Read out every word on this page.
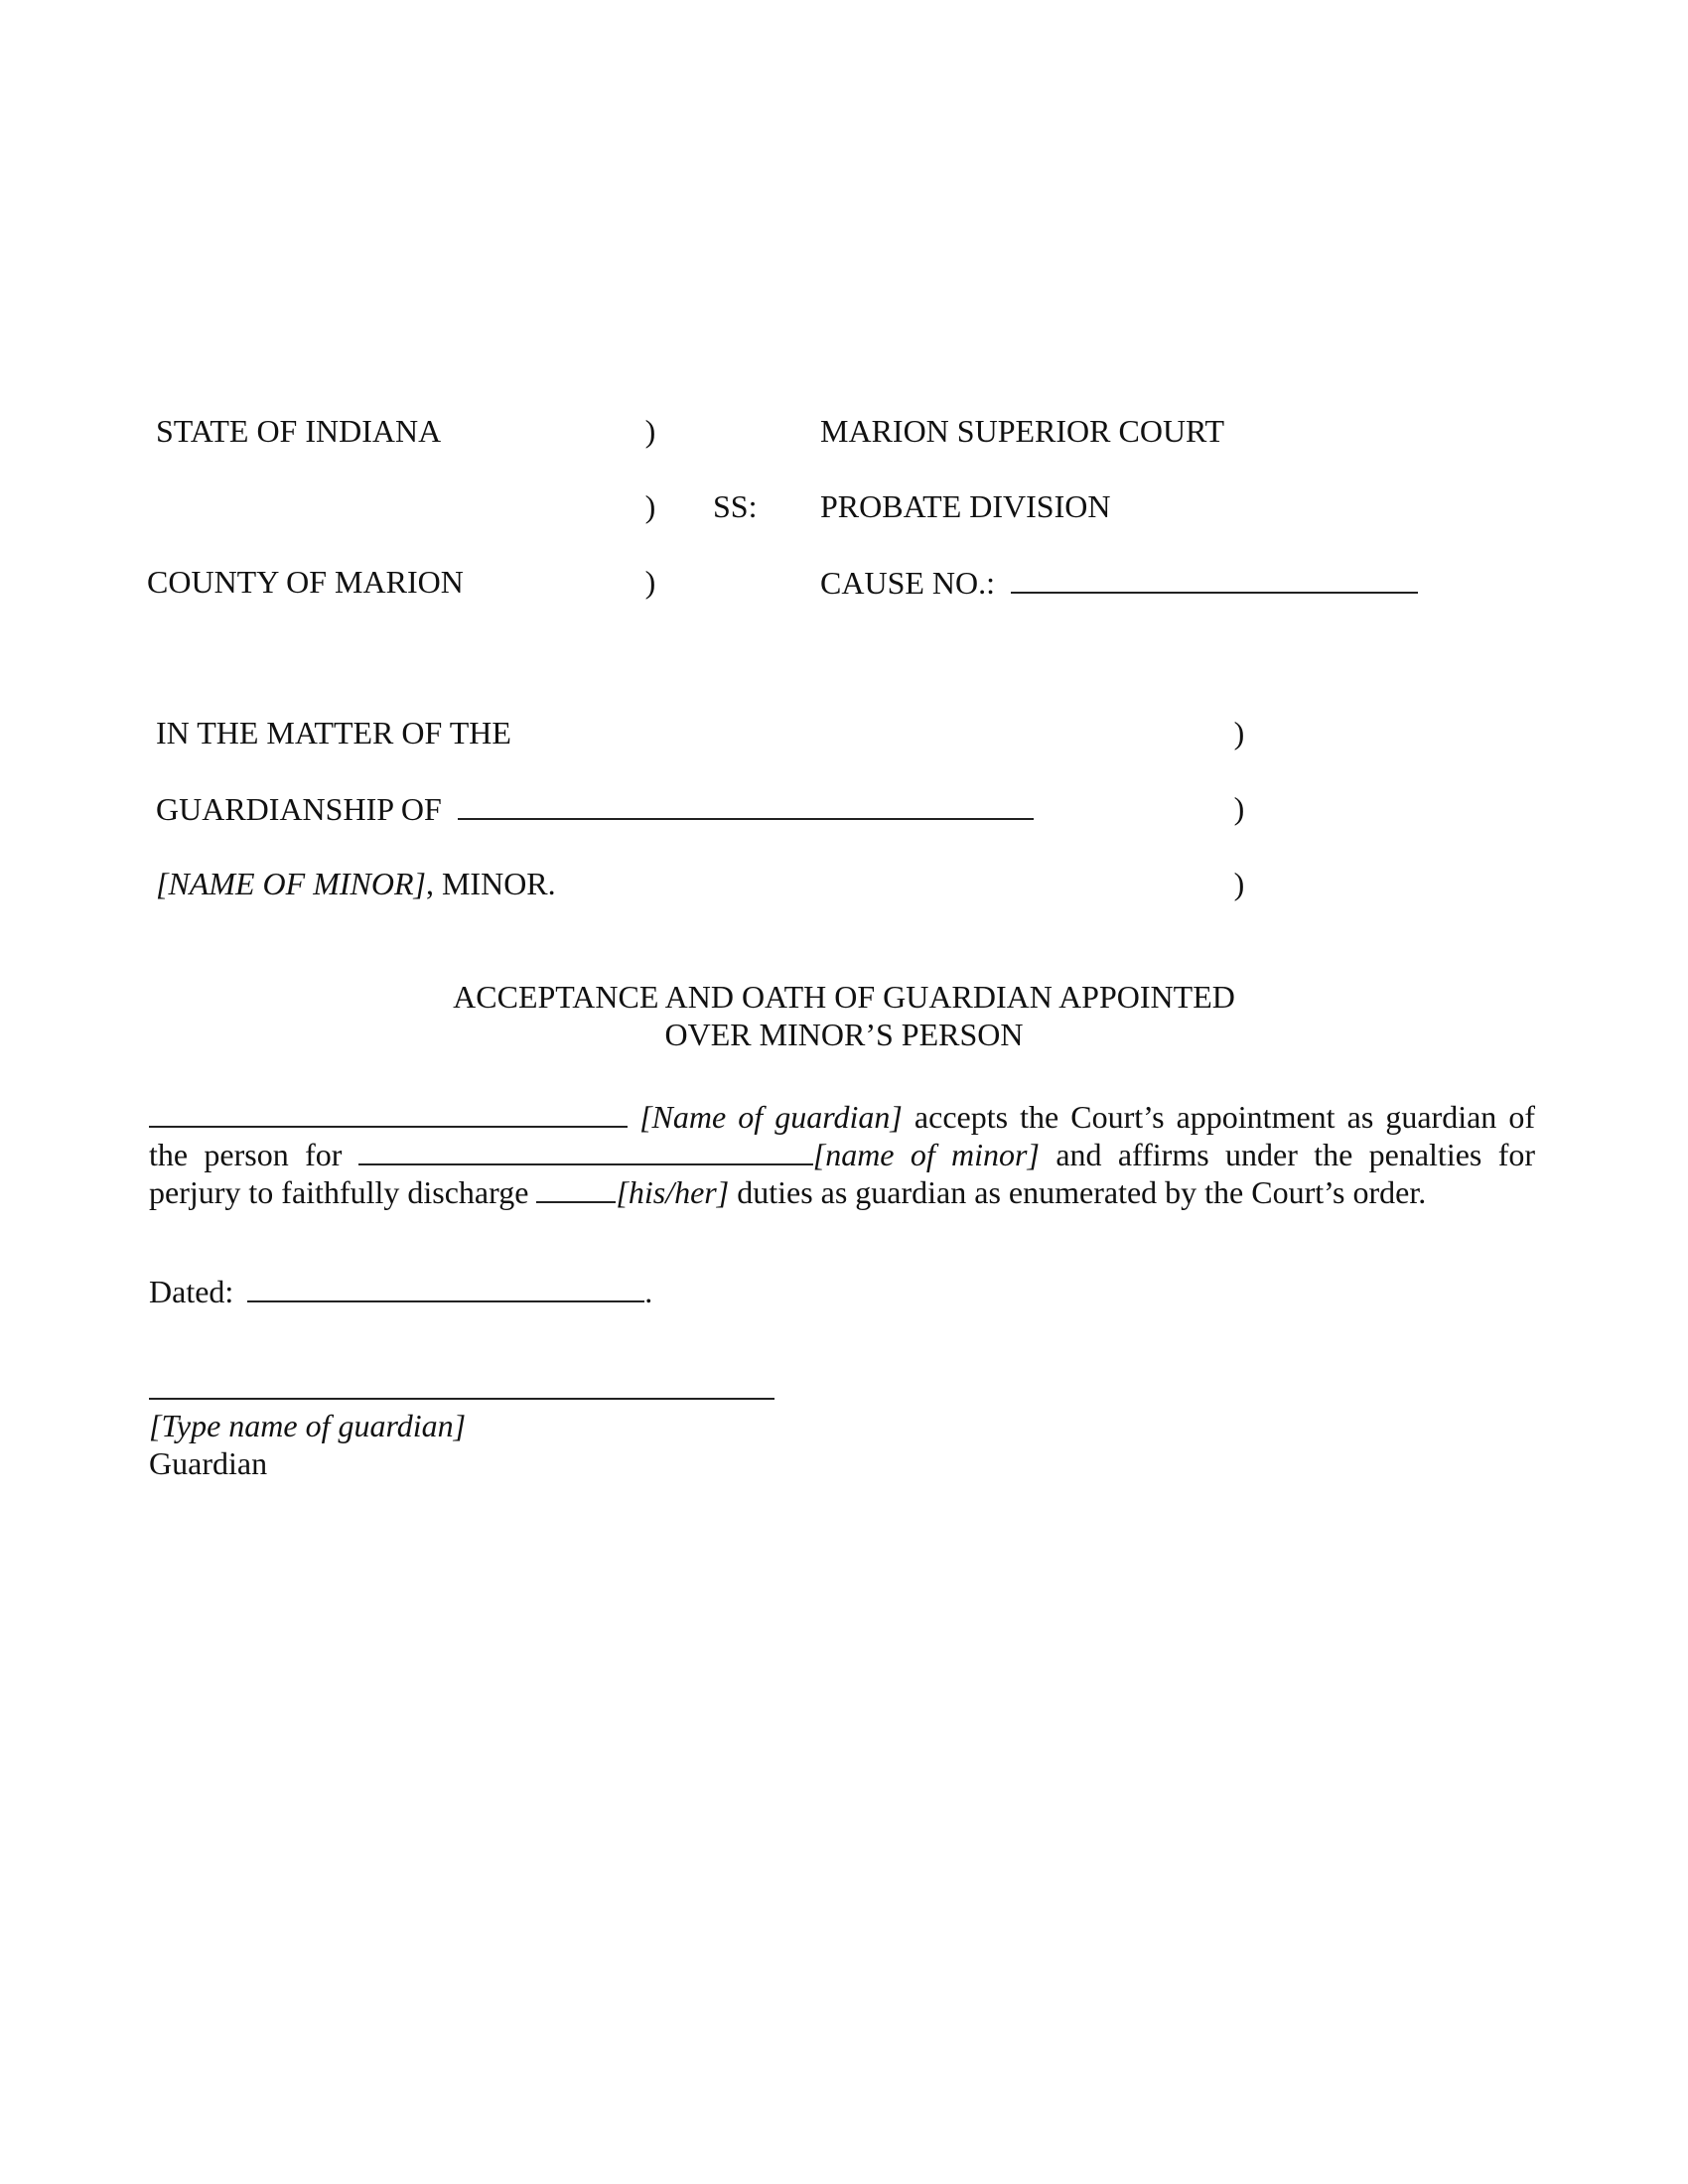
STATE OF INDIANA	)	MARION SUPERIOR COURT
) SS: PROBATE DIVISION
COUNTY OF MARION	)	CAUSE NO.:
IN THE MATTER OF THE	)
GUARDIANSHIP OF	)
[NAME OF MINOR], MINOR.	)
ACCEPTANCE AND OATH OF GUARDIAN APPOINTED
OVER MINOR’S PERSON
[Name of guardian] accepts the Court’s appointment as guardian of
the person for	[name of minor] and affirms under the penalties for
perjury to faithfully discharge	[his/her] duties as guardian as enumerated by the Court’s order.
Dated:	.
[Type name of guardian]
Guardian
